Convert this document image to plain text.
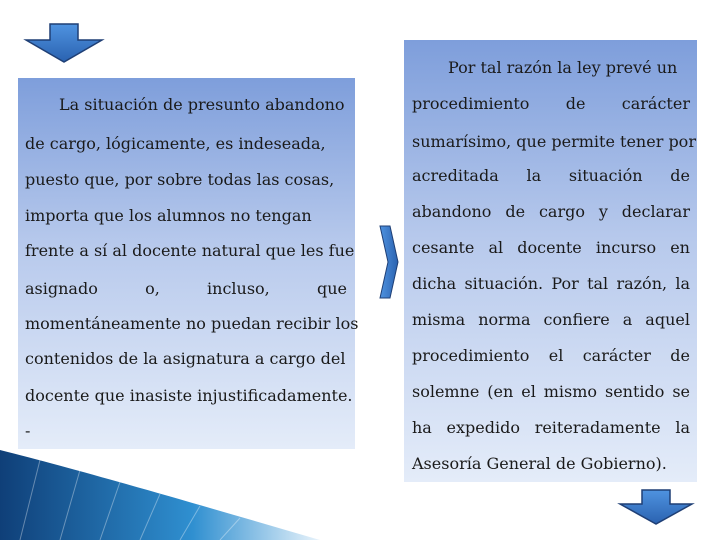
La situación de presunto abandono
de cargo, lógicamente, es indeseada,
puesto que, por sobre todas las cosas,
importa que los alumnos no tengan
frente a sí al docente natural que les fue
asignado	o,	incluso,	que
momentáneamente no puedan recibir los
contenidos de la asignatura a cargo del
docente que inasiste injustificadamente.
-
Por tal razón la ley prevé un
procedimiento de carácter
sumarísimo, que permite tener por
acreditada la situación de
abandono de cargo y declarar
cesante al docente incurso en
dicha situación. Por tal razón, la
misma norma confiere a aquel
procedimiento el carácter de
solemne (en el mismo sentido se
ha expedido reiteradamente la
Asesoría General de Gobierno).
